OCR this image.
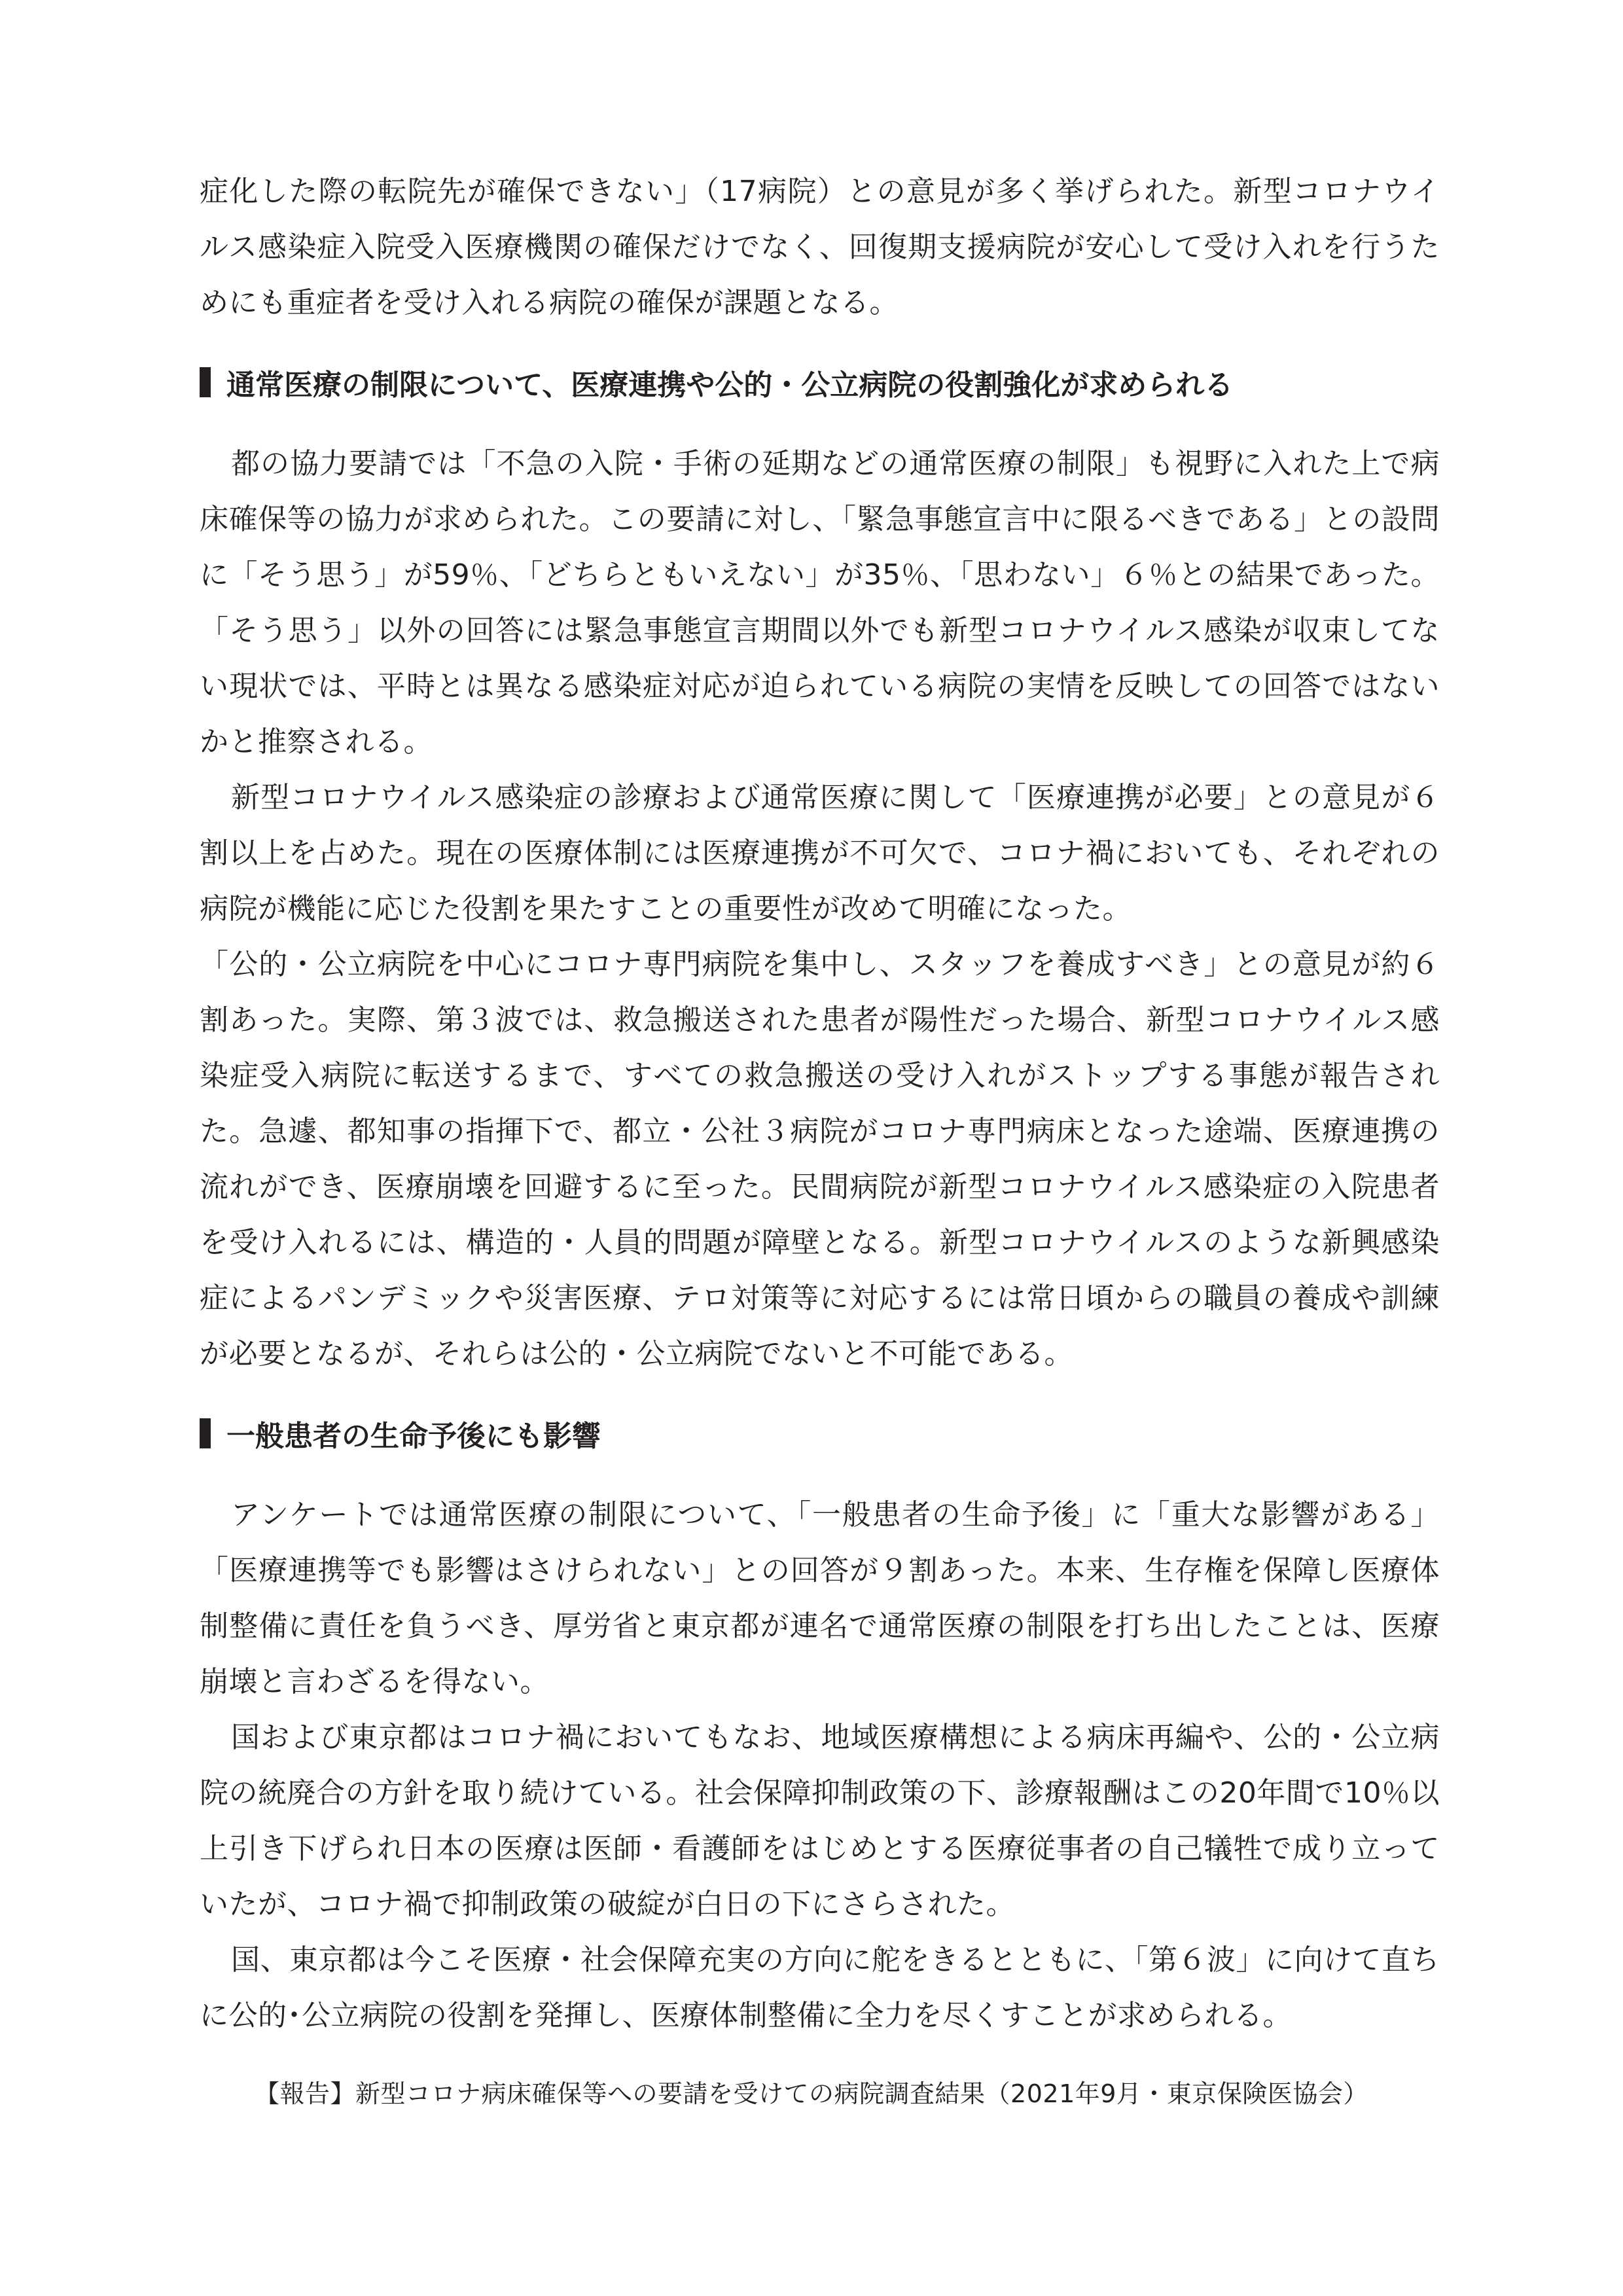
症化した際の転院先が確保できない」（17病院）との意見が多く挙げられた。新型コロナウイルス感染症入院受入医療機関の確保だけでなく、回復期支援病院が安心して受け入れを行うためにも重症者を受け入れる病院の確保が課題となる。

通常医療の制限について、医療連携や公的・公立病院の役割強化が求められる

都の協力要請では「不急の入院・手術の延期などの通常医療の制限」も視野に入れた上で病床確保等の協力が求められた。この要請に対し、「緊急事態宣言中に限るべきである」との設問に「そう思う」が59％、「どちらともいえない」が35％、「思わない」６％との結果であった。「そう思う」以外の回答には緊急事態宣言期間以外でも新型コロナウイルス感染が収束してない現状では、平時とは異なる感染症対応が迫られている病院の実情を反映しての回答ではないかと推察される。

新型コロナウイルス感染症の診療および通常医療に関して「医療連携が必要」との意見が６割以上を占めた。現在の医療体制には医療連携が不可欠で、コロナ禍においても、それぞれの病院が機能に応じた役割を果たすことの重要性が改めて明確になった。

「公的・公立病院を中心にコロナ専門病院を集中し、スタッフを養成すべき」との意見が約６割あった。実際、第３波では、救急搬送された患者が陽性だった場合、新型コロナウイルス感染症受入病院に転送するまで、すべての救急搬送の受け入れがストップする事態が報告された。急遽、都知事の指揮下で、都立・公社３病院がコロナ専門病床となった途端、医療連携の流れができ、医療崩壊を回避するに至った。民間病院が新型コロナウイルス感染症の入院患者を受け入れるには、構造的・人員的問題が障壁となる。新型コロナウイルスのような新興感染症によるパンデミックや災害医療、テロ対策等に対応するには常日頃からの職員の養成や訓練が必要となるが、それらは公的・公立病院でないと不可能である。

一般患者の生命予後にも影響

アンケートでは通常医療の制限について、「一般患者の生命予後」に「重大な影響がある」「医療連携等でも影響はさけられない」との回答が９割あった。本来、生存権を保障し医療体制整備に責任を負うべき、厚労省と東京都が連名で通常医療の制限を打ち出したことは、医療崩壊と言わざるを得ない。

国および東京都はコロナ禍においてもなお、地域医療構想による病床再編や、公的・公立病院の統廃合の方針を取り続けている。社会保障抑制政策の下、診療報酬はこの20年間で10％以上引き下げられ日本の医療は医師・看護師をはじめとする医療従事者の自己犠牲で成り立っていたが、コロナ禍で抑制政策の破綻が白日の下にさらされた。

国、東京都は今こそ医療・社会保障充実の方向に舵をきるとともに、「第６波」に向けて直ちに公的･公立病院の役割を発揮し、医療体制整備に全力を尽くすことが求められる。

【報告】新型コロナ病床確保等への要請を受けての病院調査結果（2021年9月・東京保険医協会）
